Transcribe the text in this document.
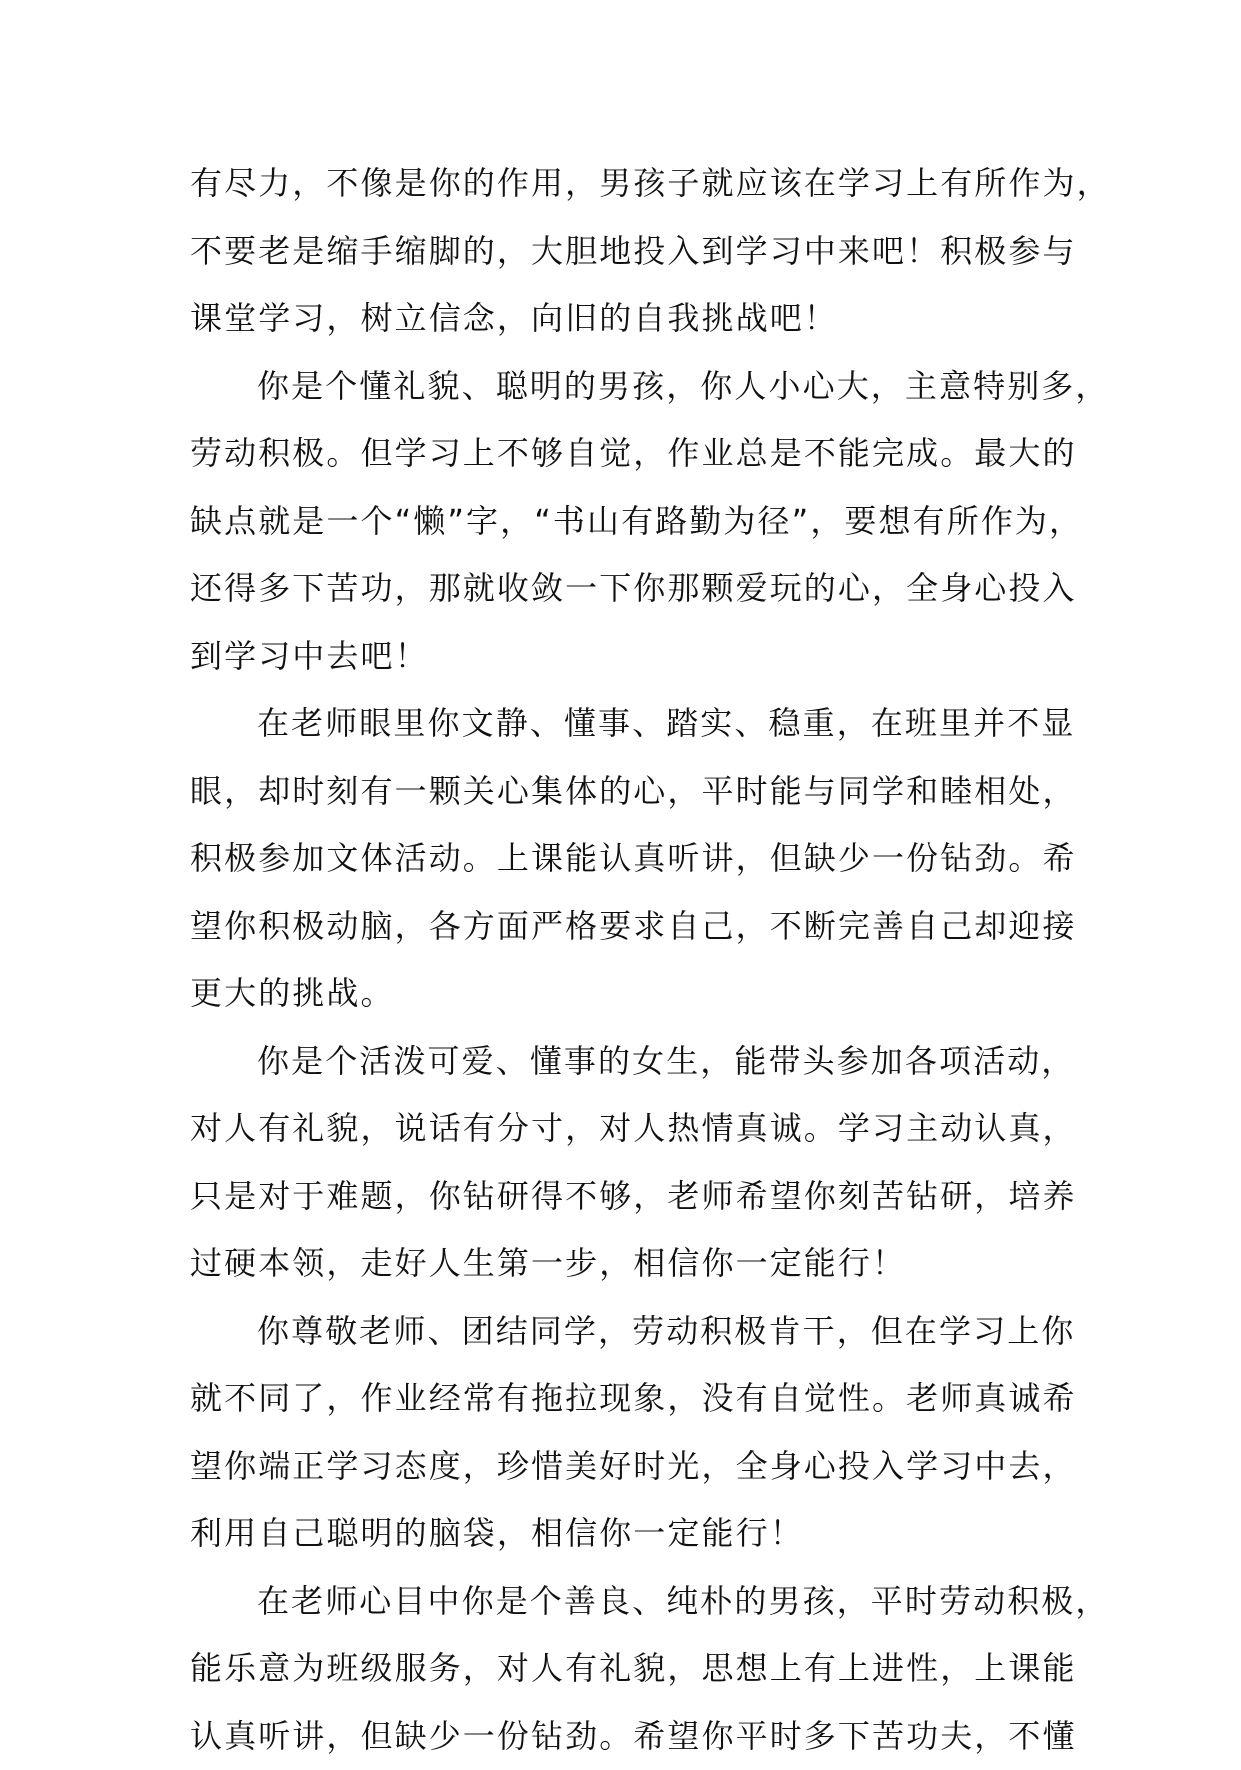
有尽力，不像是你的作用，男孩子就应该在学习上有所作为，
不要老是缩手缩脚的，大胆地投入到学习中来吧！积极参与
课堂学习，树立信念，向旧的自我挑战吧！
你是个懂礼貌、聪明的男孩，你人小心大，主意特别多，
劳动积极。但学习上不够自觉，作业总是不能完成。最大的
缺点就是一个“懒”字，“书山有路勤为径”，要想有所作为，
还得多下苦功，那就收敛一下你那颗爱玩的心，全身心投入
到学习中去吧！
在老师眼里你文静、懂事、踏实、稳重，在班里并不显
眼，却时刻有一颗关心集体的心，平时能与同学和睦相处，
积极参加文体活动。上课能认真听讲，但缺少一份钻劲。希
望你积极动脑，各方面严格要求自己，不断完善自己却迎接
更大的挑战。
你是个活泼可爱、懂事的女生，能带头参加各项活动，
对人有礼貌，说话有分寸，对人热情真诚。学习主动认真，
只是对于难题，你钻研得不够，老师希望你刻苦钻研，培养
过硬本领，走好人生第一步，相信你一定能行！
你尊敬老师、团结同学，劳动积极肯干，但在学习上你
就不同了，作业经常有拖拉现象，没有自觉性。老师真诚希
望你端正学习态度，珍惜美好时光，全身心投入学习中去，
利用自己聪明的脑袋，相信你一定能行！
在老师心目中你是个善良、纯朴的男孩，平时劳动积极，
能乐意为班级服务，对人有礼貌，思想上有上进性，上课能
认真听讲，但缺少一份钻劲。希望你平时多下苦功夫，不懂
